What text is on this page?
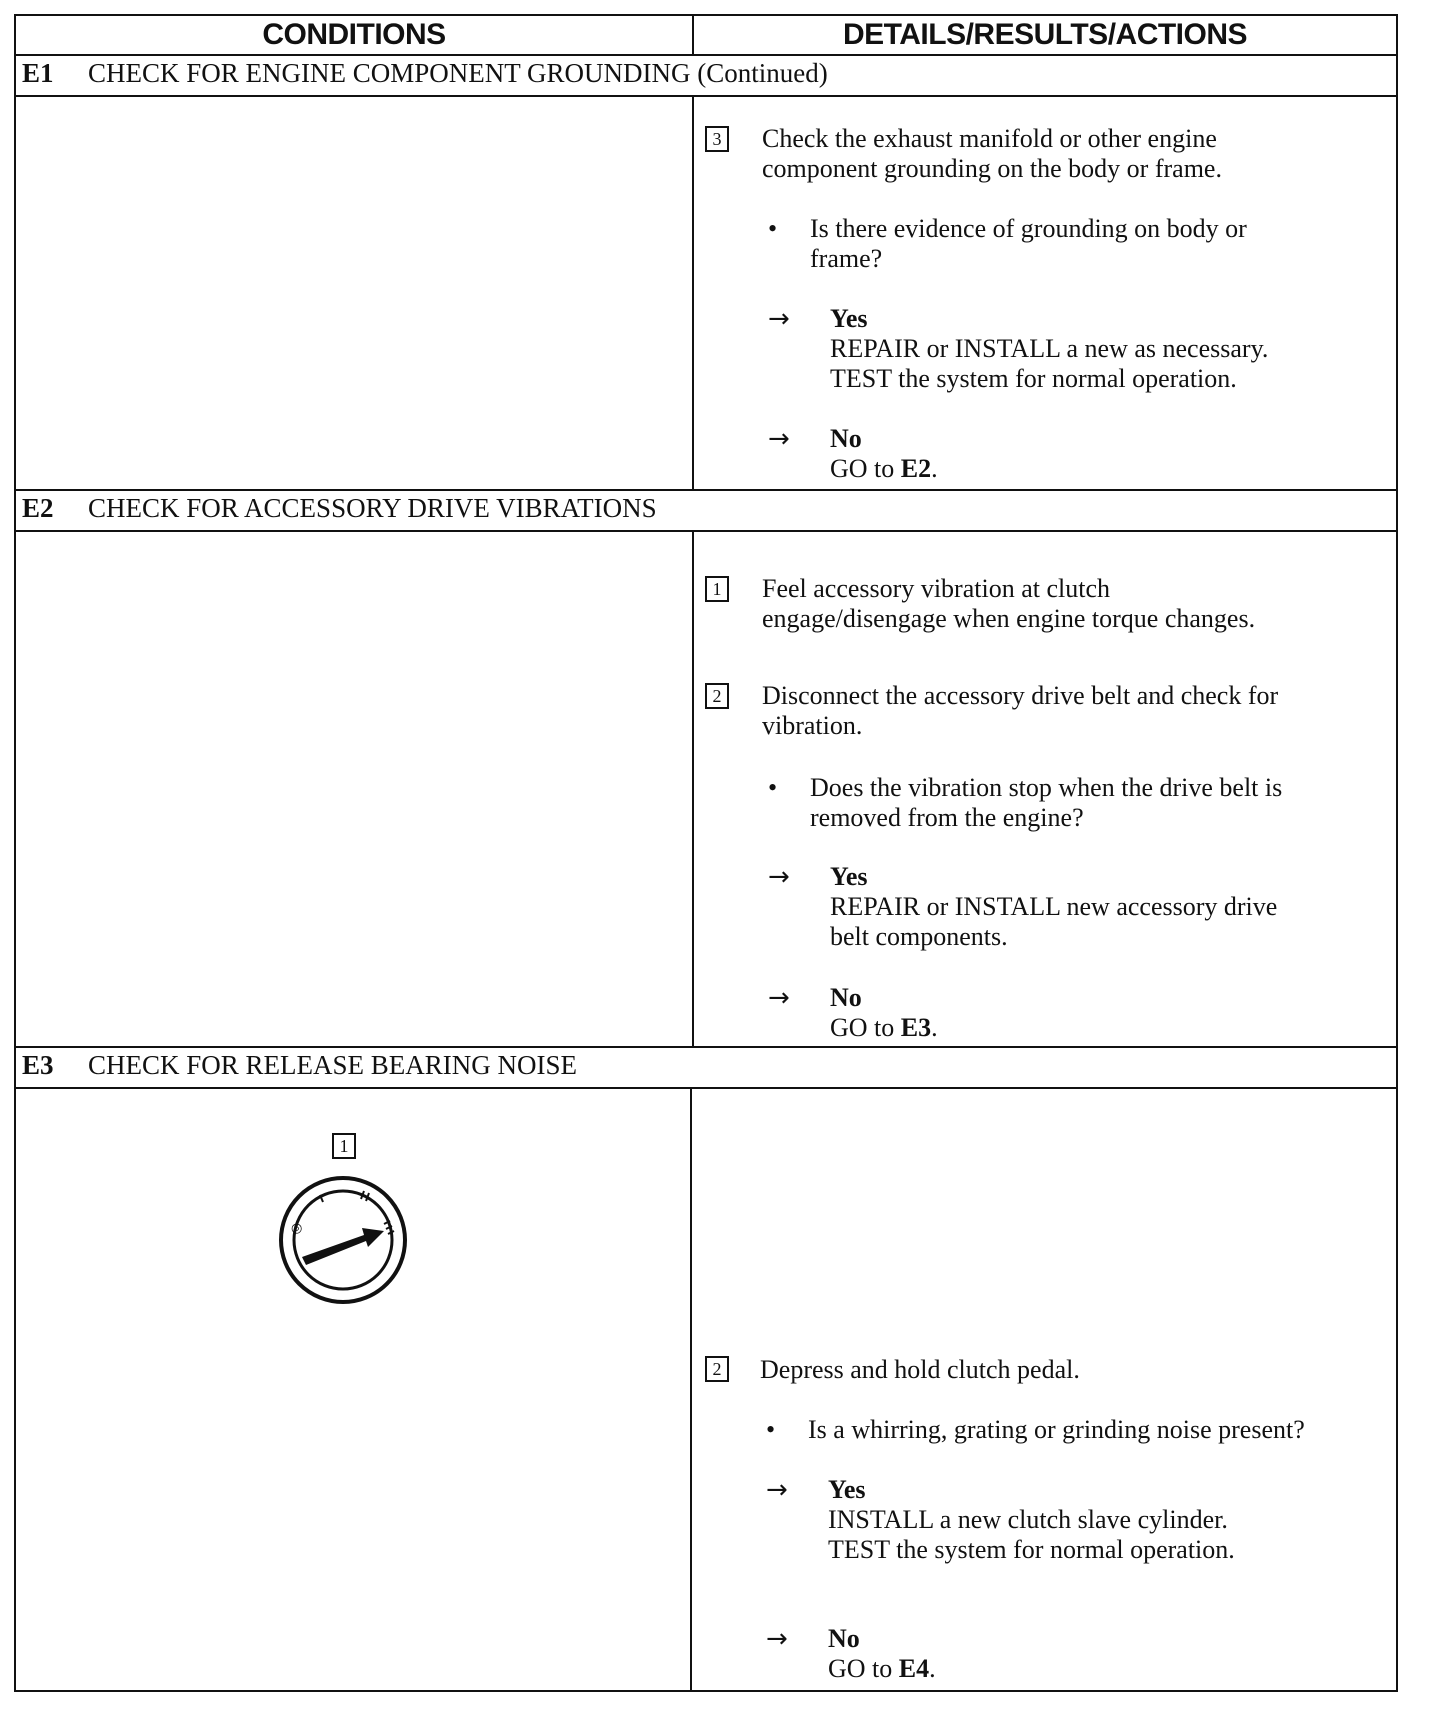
CONDITIONS	DETAILS/RESULTS/ACTIONS
E1 CHECK FOR ENGINE COMPONENT GROUNDING (Continued)
3 Check the exhaust manifold or other engine
component grounding on the body or frame.
• Is there evidence of grounding on body or
frame?
→ Yes
REPAIR or INSTALL a new as necessary.
TEST the system for normal operation.
→ No
GO to E2.
E2 CHECK FOR ACCESSORY DRIVE VIBRATIONS
1 Feel accessory vibration at clutch
engage/disengage when engine torque changes.
2 Disconnect the accessory drive belt and check for
vibration.
• Does the vibration stop when the drive belt is
removed from the engine?
→ Yes
REPAIR or INSTALL new accessory drive
belt components.
→ No
GO to E3.
E3 CHECK FOR RELEASE BEARING NOISE
1
◎
2 Depress and hold clutch pedal.
• Is a whirring, grating or grinding noise present?
→ Yes
INSTALL a new clutch slave cylinder.
TEST the system for normal operation.
→ No
GO to E4.
